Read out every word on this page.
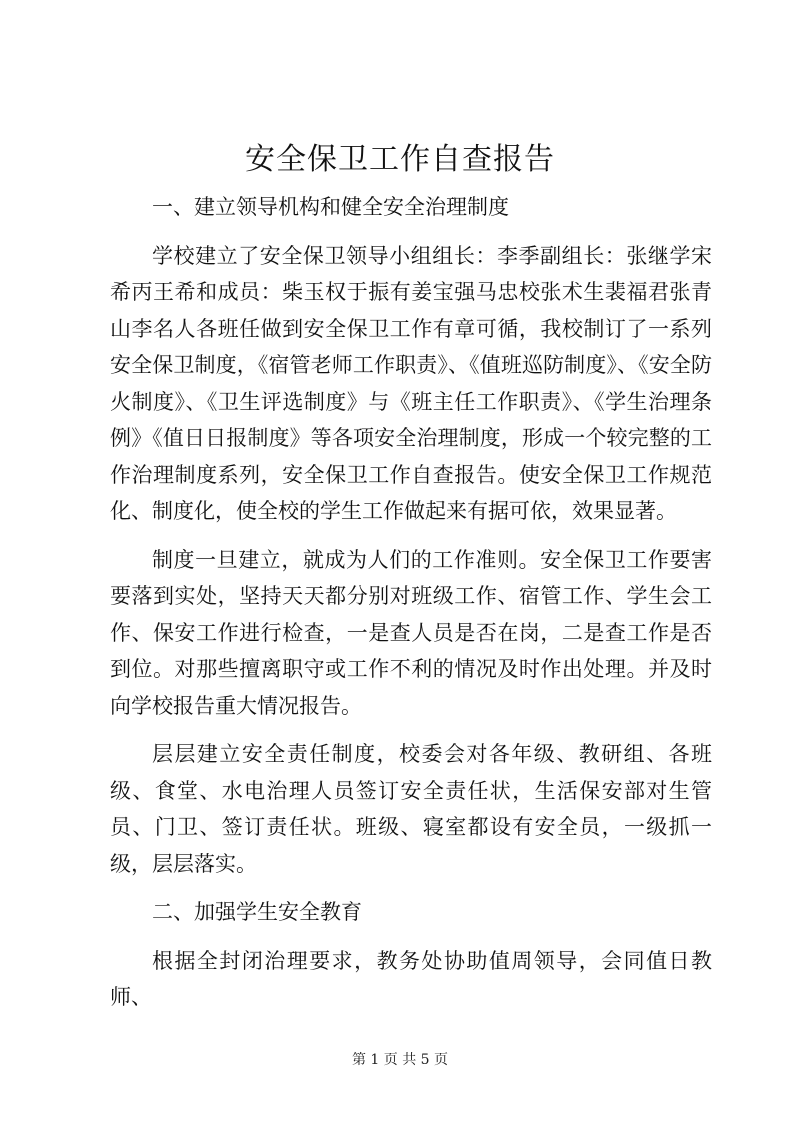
安全保卫工作自查报告

一、建立领导机构和健全安全治理制度

学校建立了安全保卫领导小组组长：李季副组长：张继学宋希丙王希和成员：柴玉权于振有姜宝强马忠校张术生裴福君张青山李名人各班任做到安全保卫工作有章可循，我校制订了一系列安全保卫制度，《宿管老师工作职责》、《值班巡防制度》、《安全防火制度》、《卫生评选制度》与《班主任工作职责》、《学生治理条例》《值日日报制度》等各项安全治理制度，形成一个较完整的工作治理制度系列，安全保卫工作自查报告。使安全保卫工作规范化、制度化，使全校的学生工作做起来有据可依，效果显著。

制度一旦建立，就成为人们的工作准则。安全保卫工作要害要落到实处，坚持天天都分别对班级工作、宿管工作、学生会工作、保安工作进行检查，一是查人员是否在岗，二是查工作是否到位。对那些擅离职守或工作不利的情况及时作出处理。并及时向学校报告重大情况报告。

层层建立安全责任制度，校委会对各年级、教研组、各班级、食堂、水电治理人员签订安全责任状，生活保安部对生管员、门卫、签订责任状。班级、寝室都设有安全员，一级抓一级，层层落实。

二、加强学生安全教育

根据全封闭治理要求，教务处协助值周领导，会同值日教师、

第 1 页 共 5 页
